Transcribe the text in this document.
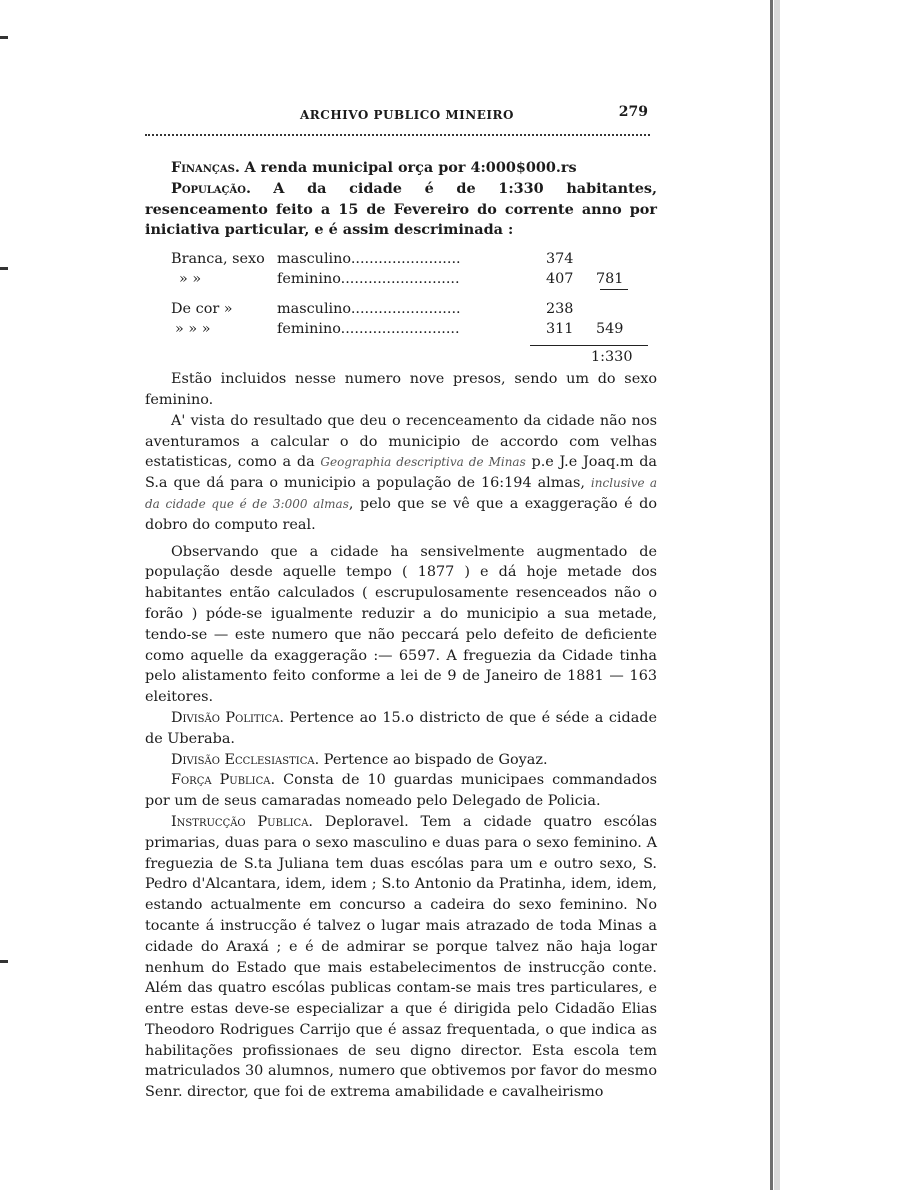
ARCHIVO PUBLICO MINEIRO	279

Finanças. A renda municipal orça por 4:000$000.rs

População. A da cidade é de 1:330 habitantes, resenceamento feito a 15 de Fevereiro do corrente anno por iniciativa particular, e é assim descriminada :

Branca, sexo masculino........................	374
» »	feminino..........................	407 781
De cor »	masculino........................	238
» » »	feminino..........................	311 549
1:330

Estão incluidos nesse numero nove presos, sendo um do sexo feminino.

A' vista do resultado que deu o recenceamento da cidade não nos aventuramos a calcular o do municipio de accordo com velhas estatisticas, como a da Geographia descriptiva de Minas p.e J.e Joaq.m da S.a que dá para o municipio a população de 16:194 almas, inclusive a da cidade que é de 3:000 almas, pelo que se vê que a exaggeração é do dobro do computo real.

Observando que a cidade ha sensivelmente augmentado de população desde aquelle tempo ( 1877 ) e dá hoje metade dos habitantes então calculados ( escrupulosamente resenceados não o forão ) póde-se igualmente reduzir a do municipio a sua metade, tendo-se — este numero que não peccará pelo defeito de deficiente como aquelle da exaggeração :— 6597. A freguezia da Cidade tinha pelo alistamento feito conforme a lei de 9 de Janeiro de 1881 — 163 eleitores.

Divisão Politica. Pertence ao 15.o districto de que é séde a cidade de Uberaba.

Divisão Ecclesiastica. Pertence ao bispado de Goyaz.

Força Publica. Consta de 10 guardas municipaes commandados por um de seus camaradas nomeado pelo Delegado de Policia.

Instrucção Publica. Deploravel. Tem a cidade quatro escólas primarias, duas para o sexo masculino e duas para o sexo feminino. A freguezia de S.ta Juliana tem duas escólas para um e outro sexo, S. Pedro d'Alcantara, idem, idem ; S.to Antonio da Pratinha, idem, idem, estando actualmente em concurso a cadeira do sexo feminino. No tocante á instrucção é talvez o lugar mais atrazado de toda Minas a cidade do Araxá ; e é de admirar se porque talvez não haja logar nenhum do Estado que mais estabelecimentos de instrucção conte. Além das quatro escólas publicas contam-se mais tres particulares, e entre estas deve-se especializar a que é dirigida pelo Cidadão Elias Theodoro Rodrigues Carrijo que é assaz frequentada, o que indica as habilitações profissionaes de seu digno director. Esta escola tem matriculados 30 alumnos, numero que obtivemos por favor do mesmo Senr. director, que foi de extrema amabilidade e cavalheirismo
